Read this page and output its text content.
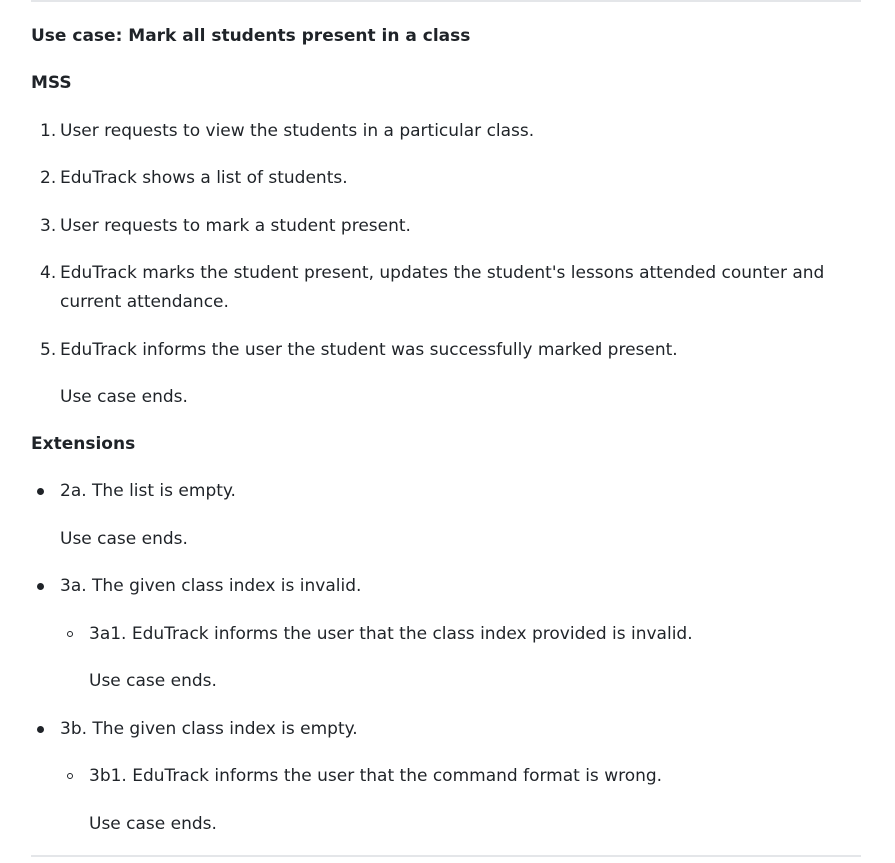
Use case: Mark all students present in a class
MSS
1. User requests to view the students in a particular class.
2. EduTrack shows a list of students.
3. User requests to mark a student present.
4. EduTrack marks the student present, updates the student's lessons attended counter and
current attendance.
5. EduTrack informs the user the student was successfully marked present.
Use case ends.
Extensions
2a. The list is empty.
Use case ends.
3a. The given class index is invalid.
3a1. EduTrack informs the user that the class index provided is invalid.
Use case ends.
3b. The given class index is empty.
3b1. EduTrack informs the user that the command format is wrong.
Use case ends.
